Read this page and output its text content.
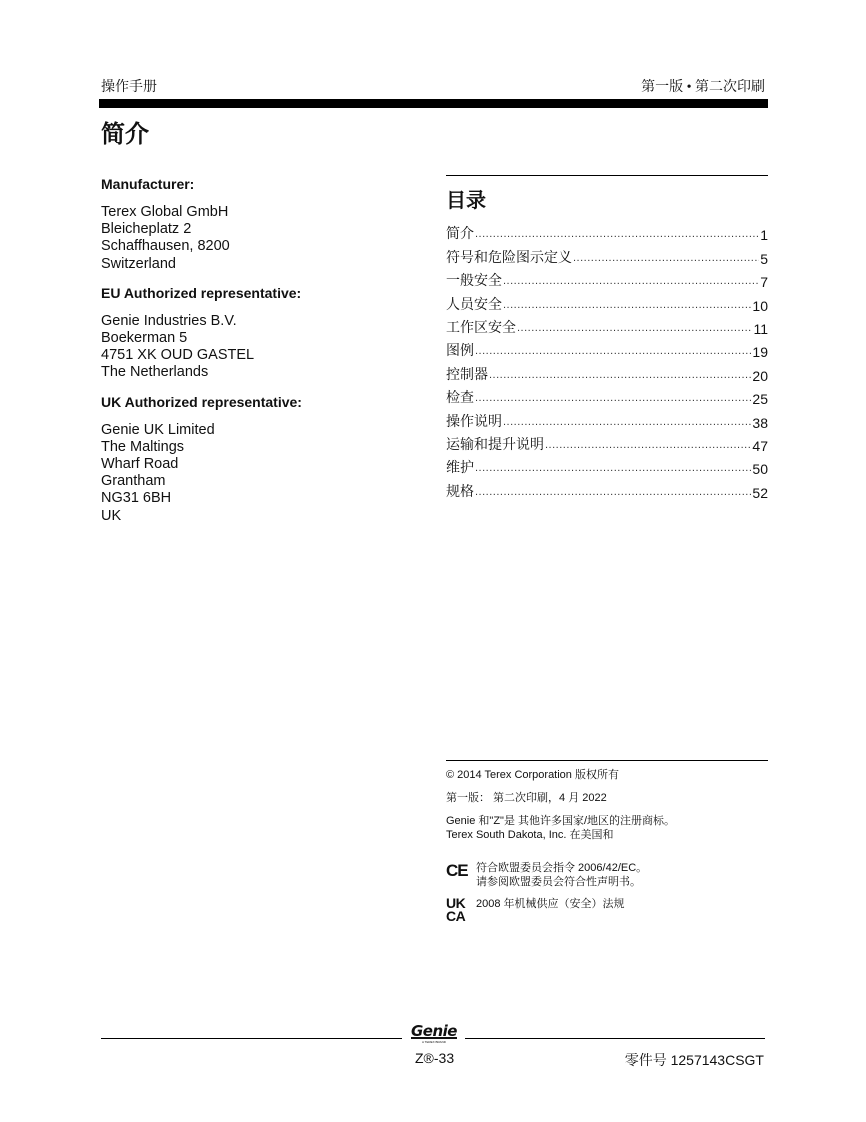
操作手册	第一版 • 第二次印刷
简介

Manufacturer:

Terex Global GmbH
Bleicheplatz 2
Schaffhausen, 8200
Switzerland

EU Authorized representative:

Genie Industries B.V.
Boekerman 5
4751 XK OUD GASTEL
The Netherlands

UK Authorized representative:

Genie UK Limited
The Maltings
Wharf Road
Grantham
NG31 6BH
UK
目录
简介 .....	1
符号和危险图示定义 .....	5
一般安全 .....	7
人员安全 .....	10
工作区安全 .....	11
图例 .....	19
控制器 .....	20
检查 .....	25
操作说明 .....	38
运输和提升说明 .....	47
维护 .....	50
规格 .....	52

© 2014 Terex Corporation 版权所有

第一版： 第二次印刷，4 月 2022

Genie 和"Z"是 其他许多国家/地区的注册商标。

Terex South Dakota, Inc. 在美国和

CE 符合欧盟委员会指令 2006/42/EC。
请参阅欧盟委员会符合性声明书。
UK
CA
2008 年机械供应（安全）法规
Genie
A TEREX BRAND
Z®-33	零件号 1257143CSGT
